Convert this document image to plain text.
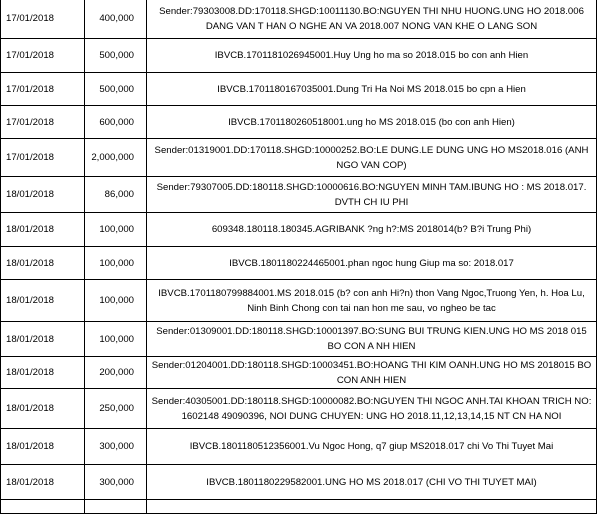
17/01/2018	400,000	Sender:79303008.DD:170118.SHGD:10011130.BO:NGUYEN THI NHU HUONG.UNG HO 2018.006 DANG VAN T HAN O NGHE AN VA 2018.007 NONG VAN KHE O LANG SON
17/01/2018	500,000	IBVCB.1701181026945001.Huy Ung ho ma so 2018.015 bo con anh Hien
17/01/2018	500,000	IBVCB.1701180167035001.Dung Tri Ha Noi MS 2018.015 bo cpn a Hien
17/01/2018	600,000	IBVCB.1701180260518001.ung ho MS 2018.015 (bo con anh Hien)
17/01/2018	2,000,000	Sender:01319001.DD:170118.SHGD:10000252.BO:LE DUNG.LE DUNG UNG HO MS2018.016 (ANH NGO VAN COP)
18/01/2018	86,000	Sender:79307005.DD:180118.SHGD:10000616.BO:NGUYEN MINH TAM.IBUNG HO : MS 2018.017. DVTH CH IU PHI
18/01/2018	100,000	609348.180118.180345.AGRIBANK ?ng h?:MS 2018014(b? B?i Trung Phi)
18/01/2018	100,000	IBVCB.1801180224465001.phan ngoc hung Giup ma so: 2018.017
18/01/2018	100,000	IBVCB.1701180799884001.MS 2018.015 (b? con anh Hi?n) thon Vang Ngoc,Truong Yen, h. Hoa Lu, Ninh Binh Chong con tai nan hon me sau, vo ngheo be tac
18/01/2018	100,000	Sender:01309001.DD:180118.SHGD:10001397.BO:SUNG BUI TRUNG KIEN.UNG HO MS 2018 015 BO CON A NH HIEN
18/01/2018	200,000	Sender:01204001.DD:180118.SHGD:10003451.BO:HOANG THI KIM OANH.UNG HO MS 2018015 BO CON ANH HIEN
18/01/2018	250,000	Sender:40305001.DD:180118.SHGD:10000082.BO:NGUYEN THI NGOC ANH.TAI KHOAN TRICH NO: 1602148 49090396, NOI DUNG CHUYEN: UNG HO 2018.11,12,13,14,15 NT CN HA NOI
18/01/2018	300,000	IBVCB.1801180512356001.Vu Ngoc Hong, q7 giup MS2018.017 chi Vo Thi Tuyet Mai
18/01/2018	300,000	IBVCB.1801180229582001.UNG HO MS 2018.017 (CHI VO THI TUYET MAI)
